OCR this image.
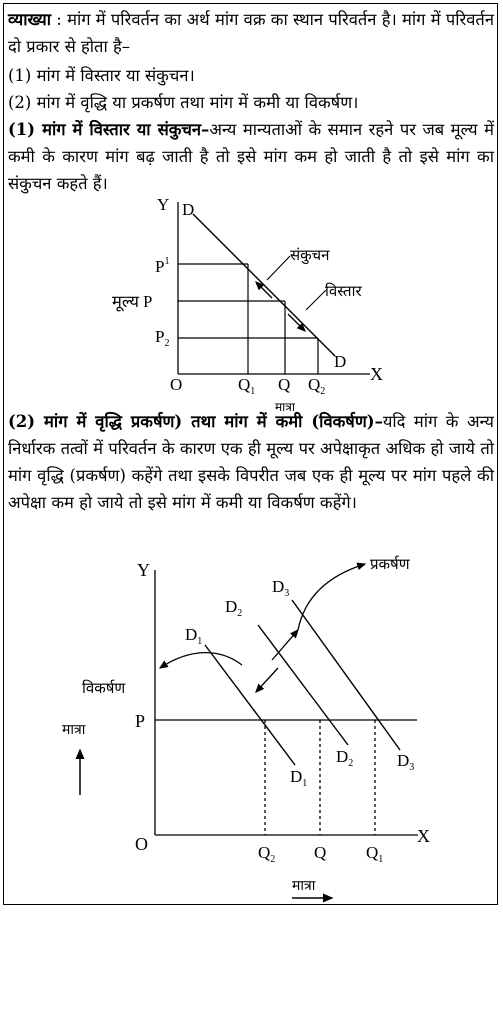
व्याख्या : मांग में परिवर्तन का अर्थ मांग वक्र का स्थान परिवर्तन है। मांग में परिवर्तन दो प्रकार से होता है–

(1) मांग में विस्तार या संकुचन।

(2) मांग में वृद्धि या प्रकर्षण तथा मांग में कमी या विकर्षण।

(1) मांग में विस्तार या संकुचन–अन्य मान्यताओं के समान रहने पर जब मूल्य में कमी के कारण मांग बढ़ जाती है तो इसे मांग कम हो जाती है तो इसे मांग का संकुचन कहते हैं।

Y
X
O
D
D
$P^1$
मूल्य P
$P_2$
$Q_1$ Q $Q_2$
संकुचन
विस्तार
मात्रा

(2) मांग में वृद्धि प्रकर्षण) तथा मांग में कमी (विकर्षण)–यदि मांग के अन्य निर्धारक तत्वों में परिवर्तन के कारण एक ही मूल्य पर अपेक्षाकृत अधिक हो जाये तो मांग वृद्धि (प्रकर्षण) कहेंगे तथा इसके विपरीत जब एक ही मूल्य पर मांग पहले की अपेक्षा कम हो जाये तो इसे मांग में कमी या विकर्षण कहेंगे।

Y
X
O
P
$D_1$
$D_2$
$D_3$
$D_1$
$D_2$	$D_3$
$Q_2$ Q $Q_1$
प्रकर्षण
विकर्षण
मात्रा
मात्रा
